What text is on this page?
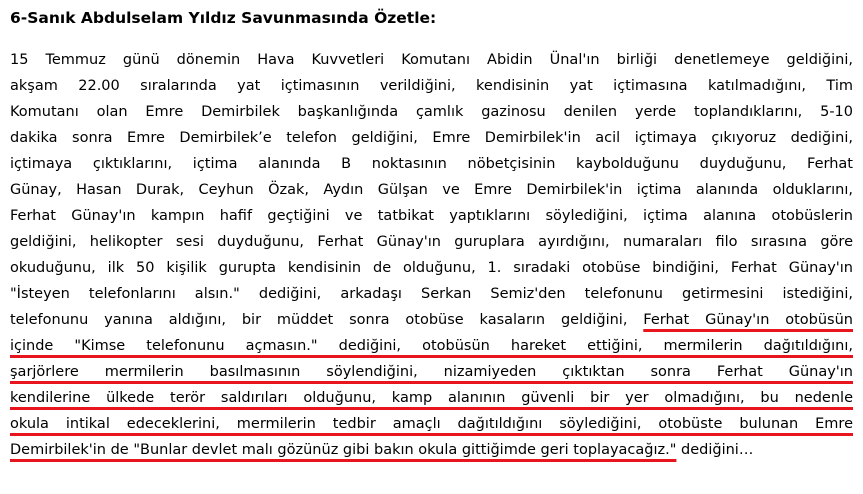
6-Sanık Abdulselam Yıldız Savunmasında Özetle:
15 Temmuz günü dönemin Hava Kuvvetleri Komutanı Abidin Ünal'ın birliği denetlemeye geldiğini,
akşam 22.00 sıralarında yat içtimasının verildiğini, kendisinin yat içtimasına katılmadığını, Tim
Komutanı olan Emre Demirbilek başkanlığında çamlık gazinosu denilen yerde toplandıklarını, 5-10
dakika sonra Emre Demirbilek’e telefon geldiğini, Emre Demirbilek'in acil içtimaya çıkıyoruz dediğini,
içtimaya çıktıklarını, içtima alanında B noktasının nöbetçisinin kaybolduğunu duyduğunu, Ferhat
Günay, Hasan Durak, Ceyhun Özak, Aydın Gülşan ve Emre Demirbilek'in içtima alanında olduklarını,
Ferhat Günay'ın kampın hafif geçtiğini ve tatbikat yaptıklarını söylediğini, içtima alanına otobüslerin
geldiğini, helikopter sesi duyduğunu, Ferhat Günay'ın guruplara ayırdığını, numaraları filo sırasına göre
okuduğunu, ilk 50 kişilik gurupta kendisinin de olduğunu, 1. sıradaki otobüse bindiğini, Ferhat Günay'ın
"İsteyen telefonlarını alsın." dediğini, arkadaşı Serkan Semiz'den telefonunu getirmesini istediğini,
telefonunu yanına aldığını, bir müddet sonra otobüse kasaların geldiğini, Ferhat Günay'ın otobüsün
içinde "Kimse telefonunu açmasın." dediğini, otobüsün hareket ettiğini, mermilerin dağıtıldığını,
şarjörlere mermilerin basılmasının söylendiğini, nizamiyeden çıktıktan sonra Ferhat Günay'ın
kendilerine ülkede terör saldırıları olduğunu, kamp alanının güvenli bir yer olmadığını, bu nedenle
okula intikal edeceklerini, mermilerin tedbir amaçlı dağıtıldığını söylediğini, otobüste bulunan Emre
Demirbilek'in de "Bunlar devlet malı gözünüz gibi bakın okula gittiğimde geri toplayacağız." dediğini…
